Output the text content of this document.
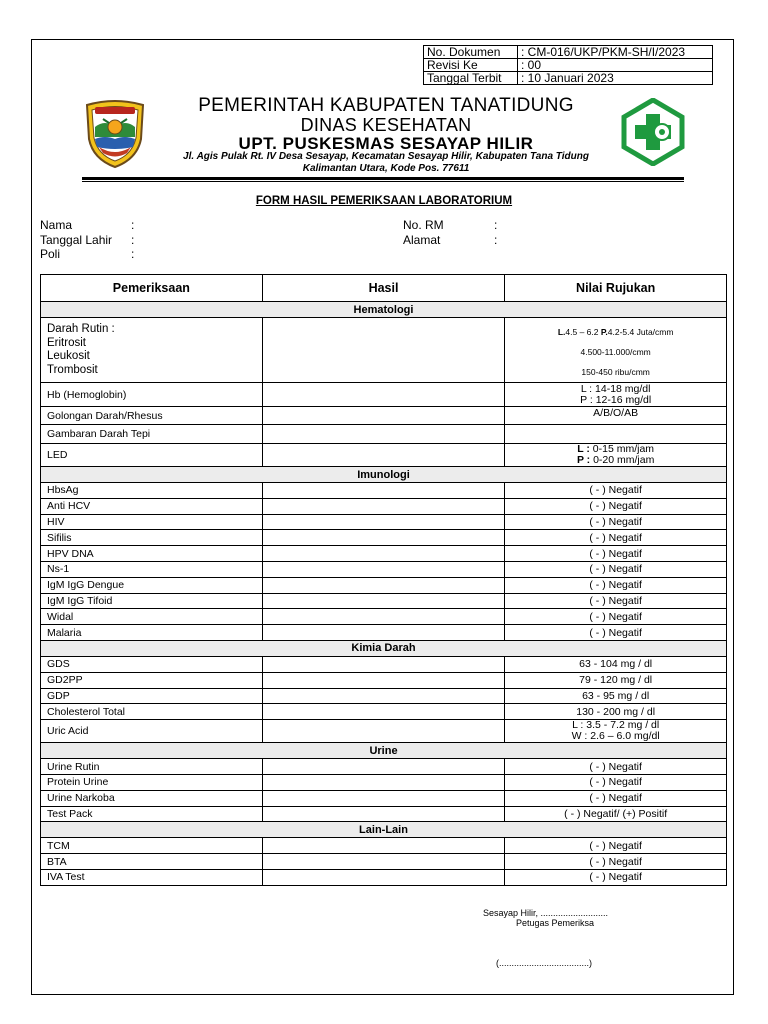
No. Dokumen	: CM-016/UKP/PKM-SH/I/2023
Revisi Ke	: 00
Tanggal Terbit	: 10 Januari 2023
PEMERINTAH KABUPATEN TANATIDUNG
DINAS KESEHATAN
UPT. PUSKESMAS SESAYAP HILIR
Jl. Agis Pulak Rt. IV Desa Sesayap, Kecamatan Sesayap Hilir, Kabupaten Tana Tidung
Kalimantan Utara, Kode Pos. 77611
FORM HASIL PEMERIKSAAN LABORATORIUM
Nama	:
Tanggal Lahir :
Poli	:
No. RM	:
Alamat	:
Pemeriksaan	Hasil	Nilai Rujukan
Hematologi		

Darah Rutin :
Eritrosit
Leukosit
Trombosit		L.4.5 – 6.2 P.4.2-5.4 Juta/cmm
4.500-11.000/cmm
150-450 ribu/cmm

Hb (Hemoglobin)		L : 14-18 mg/dl
P : 12-16 mg/dl

Golongan Darah/Rhesus		A/B/O/AB
Gambaran Darah Tepi		
LED		L : 0-15 mm/jam
P : 0-20 mm/jam

Imunologi		
HbsAg		( - ) Negatif
Anti HCV		( - ) Negatif
HIV		( - ) Negatif
Sifilis		( - ) Negatif
HPV DNA		( - ) Negatif
Ns-1		( - ) Negatif
IgM IgG Dengue		( - ) Negatif
IgM IgG Tifoid		( - ) Negatif
Widal		( - ) Negatif
Malaria		( - ) Negatif
Kimia Darah		
GDS		63 - 104 mg / dl
GD2PP		79 - 120 mg / dl
GDP		63 - 95 mg / dl
Cholesterol Total		130 - 200 mg / dl
Uric Acid		L : 3.5 - 7.2 mg / dl
W : 2.6 – 6.0 mg/dl

Urine		
Urine Rutin		( - ) Negatif
Protein Urine		( - ) Negatif
Urine Narkoba		( - ) Negatif
Test Pack		( - ) Negatif/ (+) Positif
Lain-Lain		
TCM		( - ) Negatif
BTA		( - ) Negatif
IVA Test		( - ) Negatif
Sesayap Hilir, ...........................
Petugas Pemeriksa
(....................................)
